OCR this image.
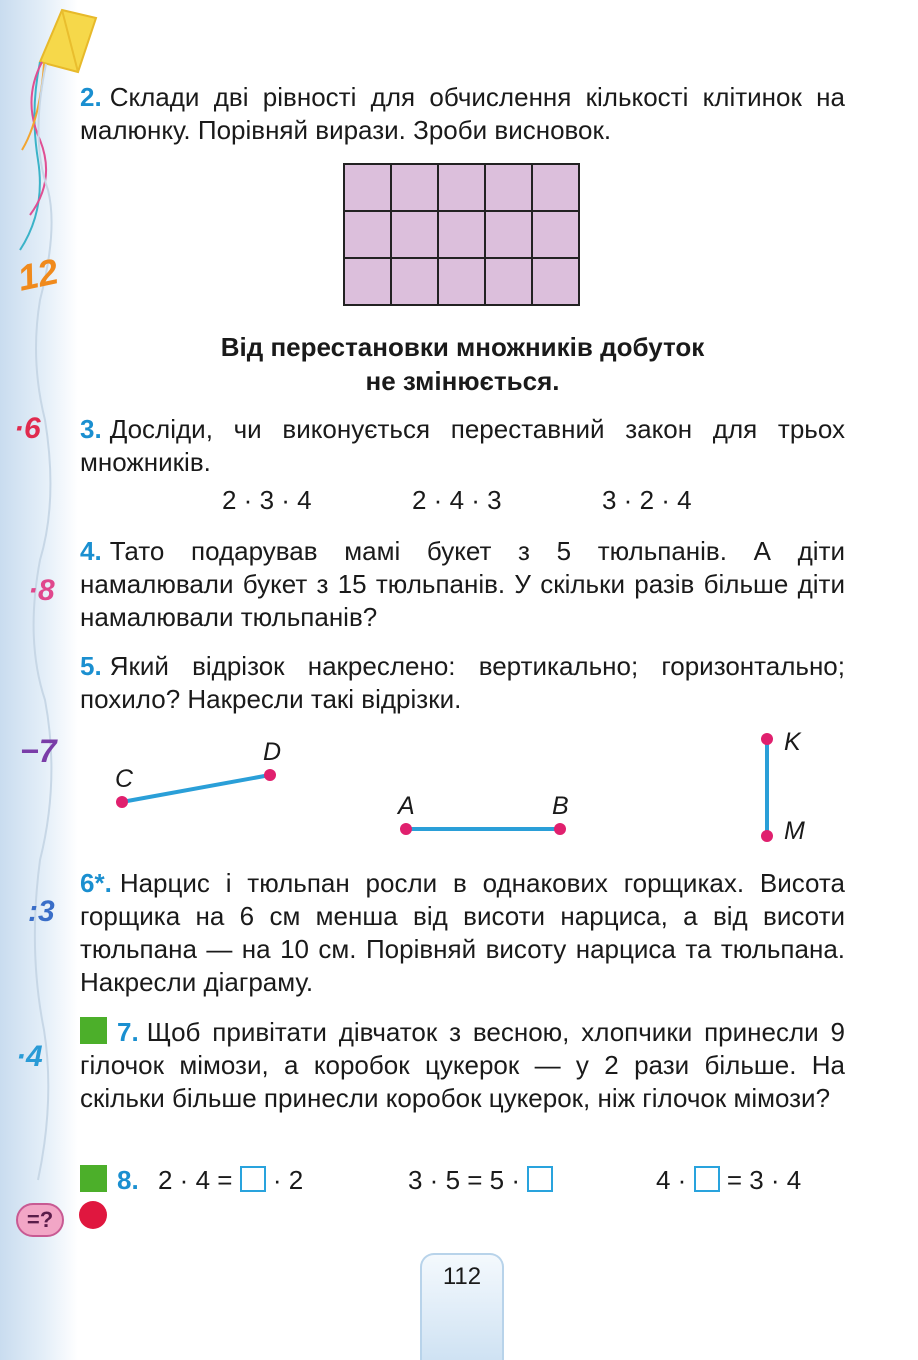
12
·6
·8
−7
:3
·4
2. Склади дві рівності для обчислення кількості клітинок на малюнку. Порівняй вирази. Зроби висновок.
Від перестановки множників добуток
не змінюється.
3. Досліди, чи виконується переставний закон для трьох множників.
2 · 3 · 4	2 · 4 · 3	3 · 2 · 4
4. Тато подарував мамі букет з 5 тюльпанів. А діти намалювали букет з 15 тюльпанів. У скільки разів більше діти намалювали тюльпанів?
5. Який відрізок накреслено: вертикально; горизонтально; похило? Накресли такі відрізки.
C
D
A	B
K
M
6*. Нарцис і тюльпан росли в однакових горщиках. Висота горщика на 6 см менша від висоти нарциса, а від висоти тюльпана — на 10 см. Порівняй висоту нарциса та тюльпана. Накресли діаграму.
7. Щоб привітати дівчаток з весною, хлопчики принесли 9 гілочок мімози, а коробок цукерок — у 2 рази більше. На скільки більше принесли коробок цукерок, ніж гілочок мімози?
8. 2 · 4 = · 2	3 · 5 = 5 ·	4 · = 3 · 4
=?
112
